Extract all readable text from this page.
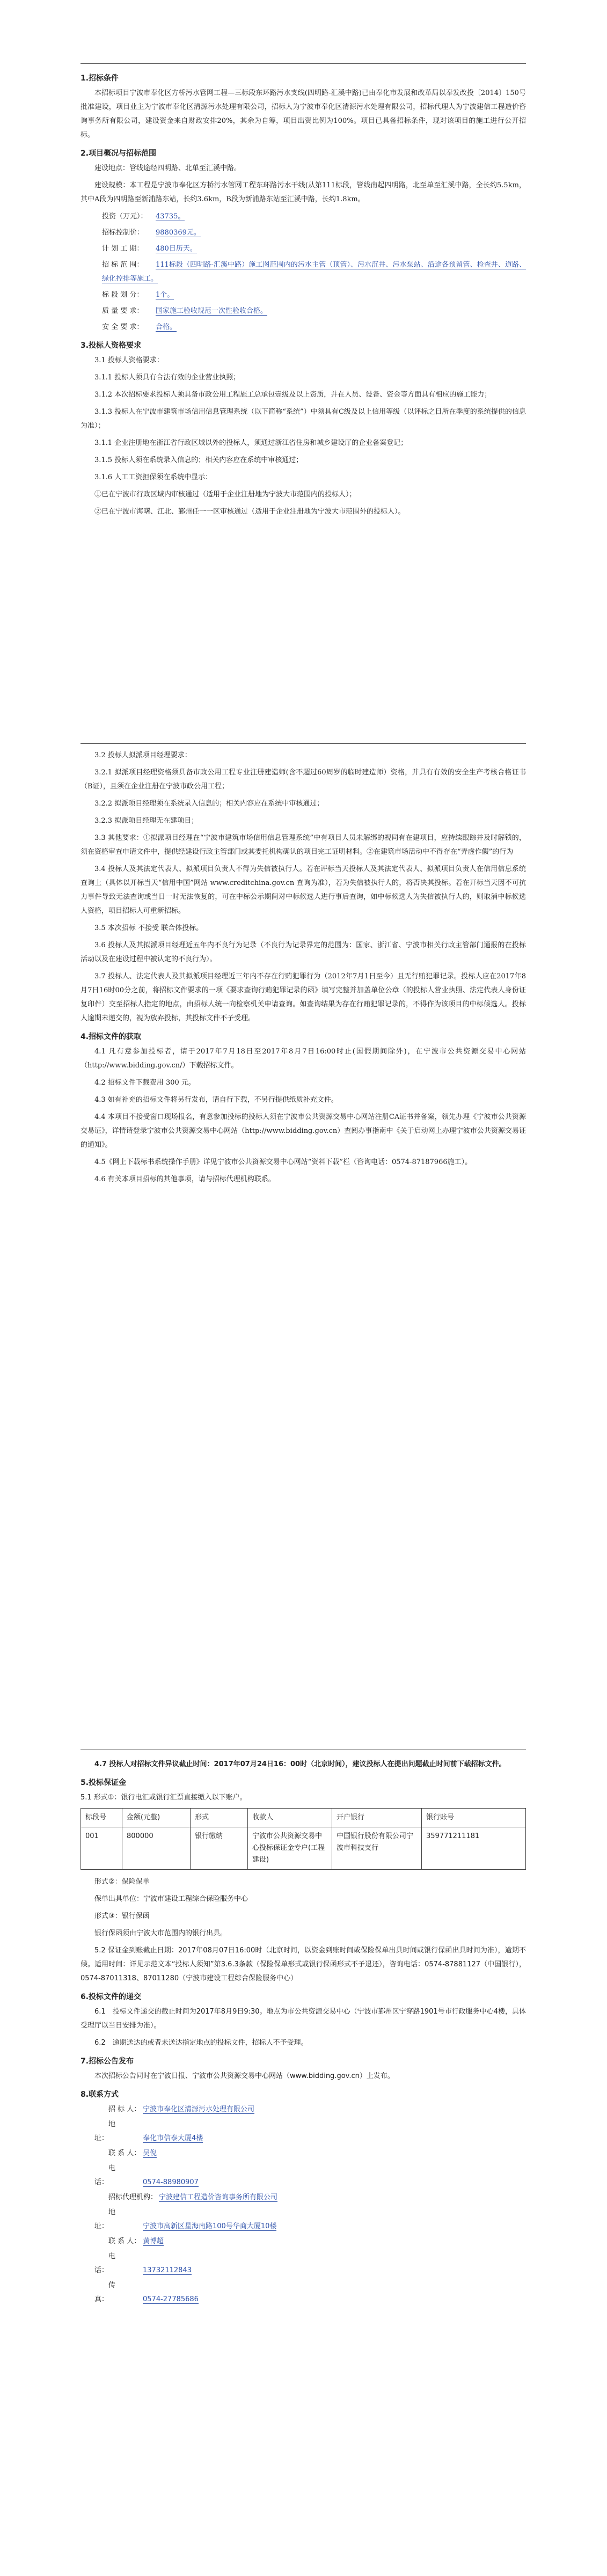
1.招标条件

本招标项目宁波市奉化区方桥污水管网工程—三标段东环路污水支线(四明路-汇溪中路)已由奉化市发展和改革局以奉发改投〔2014〕150号批准建设，项目业主为宁波市奉化区清源污水处理有限公司，招标人为宁波市奉化区清源污水处理有限公司，招标代理人为宁波建信工程造价咨询事务所有限公司，建设资金来自财政安排20%，其余为自筹，项目出资比例为100%。项目已具备招标条件，现对该项目的施工进行公开招标。

2.项目概况与招标范围

建设地点：管线途经四明路、北单至汇溪中路。

建设规模：本工程是宁波市奉化区方桥污水管网工程东环路污水干线(从第111标段，管线南起四明路，北至单至汇溪中路，全长约5.5km，其中A段为四明路至新浦路东站，长约3.6km，B段为新浦路东站至汇溪中路，长约1.8km。

投资（万元）： 43735。

招标控制价： 9880369元。

计 划 工 期： 480日历天。

招 标 范 围： 111标段（四明路-汇溪中路）施工图范围内的污水主管（顶管）、污水沉井、污水泵站、沿途各预留管、检查井、道路、绿化控排等施工。

标 段 划 分： 1个。

质 量 要 求： 国家施工验收规范一次性验收合格。

安 全 要 求： 合格。

3.投标人资格要求

3.1 投标人资格要求：

3.1.1 投标人须具有合法有效的企业营业执照；

3.1.2 本次招标要求投标人须具备市政公用工程施工总承包壹级及以上资质，并在人员、设备、资金等方面具有相应的施工能力；

3.1.3 投标人在宁波市建筑市场信用信息管理系统（以下简称“系统”）中须具有C级及以上信用等级（以评标之日所在季度的系统提供的信息为准）；

3.1.1 企业注册地在浙江省行政区域以外的投标人，须通过浙江省住房和城乡建设厅的企业备案登记；

3.1.5 投标人须在系统录入信息的；相关内容应在系统中审核通过；

3.1.6 人工工资担保须在系统中显示：

①已在宁波市行政区域内审核通过（适用于企业注册地为宁波大市范围内的投标人）；

②已在宁波市海曙、江北、鄞州任一一区审核通过（适用于企业注册地为宁波大市范围外的投标人）。

3.2 投标人拟派项目经理要求：

3.2.1 拟派项目经理资格须具备市政公用工程专业注册建造师(含不超过60周岁的临时建造师）资格，并具有有效的安全生产考核合格证书（B证），且须在企业注册在宁波市政公用工程；

3.2.2 拟派项目经理须在系统录入信息的；相关内容应在系统中审核通过；

3.2.3 拟派项目经理无在建项目；

3.3 其他要求：①拟派项目经理在“宁波市建筑市场信用信息管理系统”中有项目人员未解绑的视同有在建项目，应持续跟踪并及时解锁的，须在资格审查申请文件中，提供经建设行政主管部门或其委托机构确认的项目完工证明材料。②在建筑市场活动中不得存在“弄虚作假”的行为

3.4 投标人及其法定代表人、拟派项目负责人不得为失信被执行人。若在评标当天投标人及其法定代表人、拟派项目负责人在信用信息系统查询上（具体以开标当天“信用中国”网站 www.creditchina.gov.cn 查询为准），若为失信被执行人的，将否决其投标。若在开标当天因不可抗力事件导致无法查询或当日一时无法恢复的，可在中标公示期间对中标候选人进行事后查询，如中标候选人为失信被执行人的，则取消中标候选人资格，项目招标人可重新招标。

3.5 本次招标 不接受 联合体投标。

3.6 投标人及其拟派项目经理近五年内不良行为记录（不良行为记录界定的范围为：国家、浙江省、宁波市相关行政主管部门通报的在投标活动以及在建设过程中被认定的不良行为）。

3.7 投标人、法定代表人及其拟派项目经理近三年内不存在行贿犯罪行为（2012年7月1日至今）且无行贿犯罪记录。投标人应在2017年8月7日16时00分之前，将招标文件要求的一项《要求查询行贿犯罪记录的函》填写完整并加盖单位公章（的投标人营业执照、法定代表人身份证复印件）交至招标人指定的地点，由招标人统一向检察机关申请查询。如查询结果为存在行贿犯罪记录的，不得作为该项目的中标候选人。投标人逾期未递交的，视为放弃投标，其投标文件不予受理。

4.招标文件的获取

4.1 凡有意参加投标者，请于2017年7月18日至2017年8月7日16:00时止(国假期间除外)，在宁波市公共资源交易中心网站（http://www.bidding.gov.cn/）下载招标文件。

4.2 招标文件下载费用 300 元。

4.3 如有补充的招标文件将另行发布，请自行下载，不另行提供纸质补充文件。

4.4 本项目不接受窗口现场报名，有意参加投标的投标人须在宁波市公共资源交易中心网站注册CA证书并备案，领先办理《宁波市公共资源交易证》，详情请登录宁波市公共资源交易中心网站（http://www.bidding.gov.cn）查阅办事指南中《关于启动网上办理宁波市公共资源交易证的通知》。

4.5《网上下载标书系统操作手册》详见宁波市公共资源交易中心网站“资料下载”栏（咨询电话：0574-87187966施工）。

4.6 有关本项目招标的其他事项，请与招标代理机构联系。

4.7 投标人对招标文件异议截止时间：2017年07月24日16：00时（北京时间），建议投标人在提出问题截止时间前下载招标文件。

5.投标保证金

5.1 形式①：银行电汇或银行汇票直接缴入以下账户。

标段号	金额(元整)	形式	收款人	开户银行	银行账号
001	800000	银行缴纳	宁波市公共资源交易中心投标保证金专户(工程建设)	中国银行股份有限公司宁波市科技支行	359771211181

形式②：保险保单

保单出具单位：宁波市建设工程综合保险服务中心

形式③：银行保函

银行保函须由宁波大市范围内的银行出具。

5.2 保证金到账截止日期：2017年08月07日16:00时（北京时间，以资金到账时间或保险保单出具时间或银行保函出具时间为准），逾期不候。适用时间：详见示范文本“投标人须知”第3.6.3条款（保险保单形式或银行保函形式不予退还），咨询电话：0574-87881127（中国银行），0574-87011318、87011280（宁波市建设工程综合保险服务中心）

6.投标文件的递交

6.1　投标文件递交的截止时间为2017年8月9日9:30。地点为市公共资源交易中心（宁波市鄞州区宁穿路1901号市行政服务中心4楼，具体受理厅以当日安排为准）。

6.2　逾期送达的或者未送达指定地点的投标文件，招标人不予受理。

7.招标公告发布

本次招标公告同时在宁波日报、宁波市公共资源交易中心网站（www.bidding.gov.cn）上发布。

8.联系方式

招 标 人： 宁波市奉化区清源污水处理有限公司

地　　址：	奉化市信泰大厦4楼

联 系 人： 吴倪

电　　话：	0574-88980907

招标代理机构： 宁波建信工程造价咨询事务所有限公司

地　　址：	宁波市高新区星海南路100号华商大厦10楼

联 系 人： 黄博超

电　　话：	13732112843

传　　真：	0574-27785686
